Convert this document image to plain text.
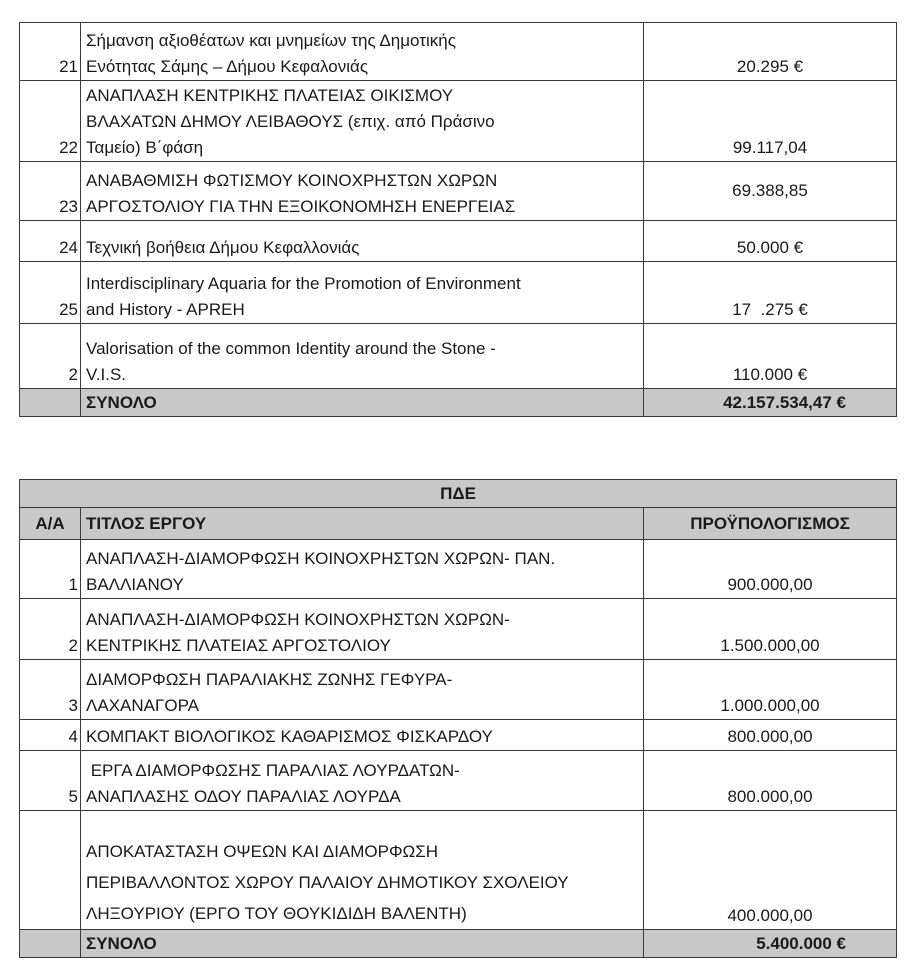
21	Σήμανση αξιοθέατων και μνημείων της Δημοτικής
Ενότητας Σάμης – Δήμου Κεφαλονιάς	20.295 €
22	ΑΝΑΠΛΑΣΗ ΚΕΝΤΡΙΚΗΣ ΠΛΑΤΕΙΑΣ ΟΙΚΙΣΜΟΥ
ΒΛΑΧΑΤΩΝ ΔΗΜΟΥ ΛΕΙΒΑΘΟΥΣ (επιχ. από Πράσινο
Ταμείο) Β΄φάση	99.117,04
23	ΑΝΑΒΑΘΜΙΣΗ ΦΩΤΙΣΜΟΥ ΚΟΙΝΟΧΡΗΣΤΩΝ ΧΩΡΩΝ
ΑΡΓΟΣΤΟΛΙΟΥ ΓΙΑ ΤΗΝ ΕΞΟΙΚΟΝΟΜΗΣΗ ΕΝΕΡΓΕΙΑΣ	69.388,85
24	Τεχνική βοήθεια Δήμου Κεφαλλονιάς	50.000 €
25	Interdisciplinary Aquaria for the Promotion of Environment
and History - APREH	17  .275 €
2	Valorisation of the common Identity around the Stone -
V.I.S.	110.000 €
	ΣΥΝΟΛΟ	42.157.534,47 €
ΠΔΕ		
Α/Α	ΤΙΤΛΟΣ ΕΡΓΟΥ	ΠΡΟΫΠΟΛΟΓΙΣΜΟΣ
1	ΑΝΑΠΛΑΣΗ-ΔΙΑΜΟΡΦΩΣΗ ΚΟΙΝΟΧΡΗΣΤΩΝ ΧΩΡΩΝ- ΠΑΝ.
ΒΑΛΛΙΑΝΟΥ	900.000,00
2	ΑΝΑΠΛΑΣΗ-ΔΙΑΜΟΡΦΩΣΗ ΚΟΙΝΟΧΡΗΣΤΩΝ ΧΩΡΩΝ-
ΚΕΝΤΡΙΚΗΣ ΠΛΑΤΕΙΑΣ ΑΡΓΟΣΤΟΛΙΟΥ	1.500.000,00
3	ΔΙΑΜΟΡΦΩΣΗ ΠΑΡΑΛΙΑΚΗΣ ΖΩΝΗΣ ΓΕΦΥΡΑ-
ΛΑΧΑΝΑΓΟΡΑ	1.000.000,00
4	ΚΟΜΠΑΚΤ ΒΙΟΛΟΓΙΚΟΣ ΚΑΘΑΡΙΣΜΟΣ ΦΙΣΚΑΡΔΟΥ	800.000,00
5	ΕΡΓΑ ΔΙΑΜΟΡΦΩΣΗΣ ΠΑΡΑΛΙΑΣ ΛΟΥΡΔΑΤΩΝ-
ΑΝΑΠΛΑΣΗΣ ΟΔΟΥ ΠΑΡΑΛΙΑΣ ΛΟΥΡΔΑ	800.000,00

	ΑΠΟΚΑΤΑΣΤΑΣΗ ΟΨΕΩΝ ΚΑΙ ΔΙΑΜΟΡΦΩΣΗ
ΠΕΡΙΒΑΛΛΟΝΤΟΣ ΧΩΡΟΥ ΠΑΛΑΙΟΥ ΔΗΜΟΤΙΚΟΥ ΣΧΟΛΕΙΟΥ
ΛΗΞΟΥΡΙΟΥ (ΕΡΓΟ ΤΟΥ ΘΟΥΚΙΔΙΔΗ ΒΑΛΕΝΤΗ)	400.000,00
	ΣΥΝΟΛΟ	5.400.000 €
